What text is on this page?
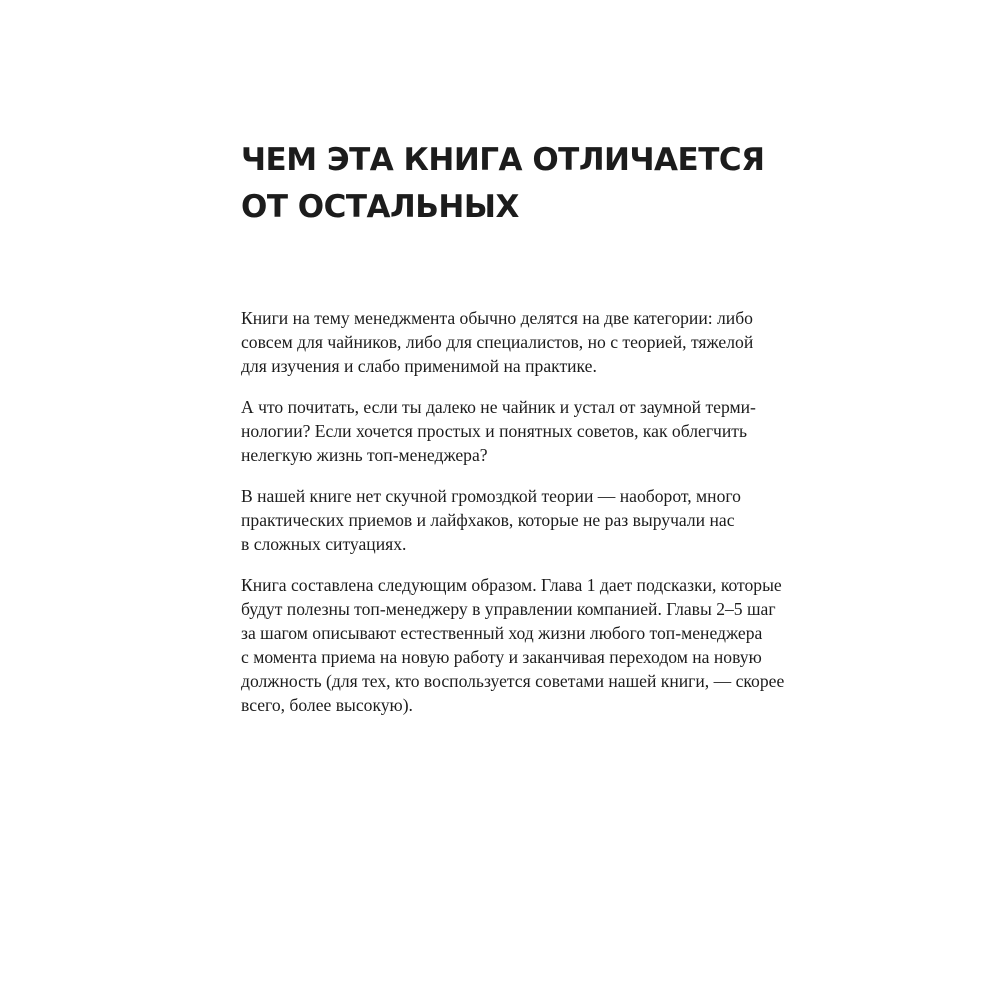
ЧЕМ ЭТА КНИГА ОТЛИЧАЕТСЯ
ОТ ОСТАЛЬНЫХ

Книги на тему менеджмента обычно делятся на две категории: либо
совсем для чайников, либо для специалистов, но с теорией, тяжелой
для изучения и слабо применимой на практике.

А что почитать, если ты далеко не чайник и устал от заумной терми-
нологии? Если хочется простых и понятных советов, как облегчить
нелегкую жизнь топ-менеджера?

В нашей книге нет скучной громоздкой теории — наоборот, много
практических приемов и лайфхаков, которые не раз выручали нас
в сложных ситуациях.

Книга составлена следующим образом. Глава 1 дает подсказки, которые
будут полезны топ-менеджеру в управлении компанией. Главы 2–5 шаг
за шагом описывают естественный ход жизни любого топ-менеджера
с момента приема на новую работу и заканчивая переходом на новую
должность (для тех, кто воспользуется советами нашей книги, — скорее
всего, более высокую).
